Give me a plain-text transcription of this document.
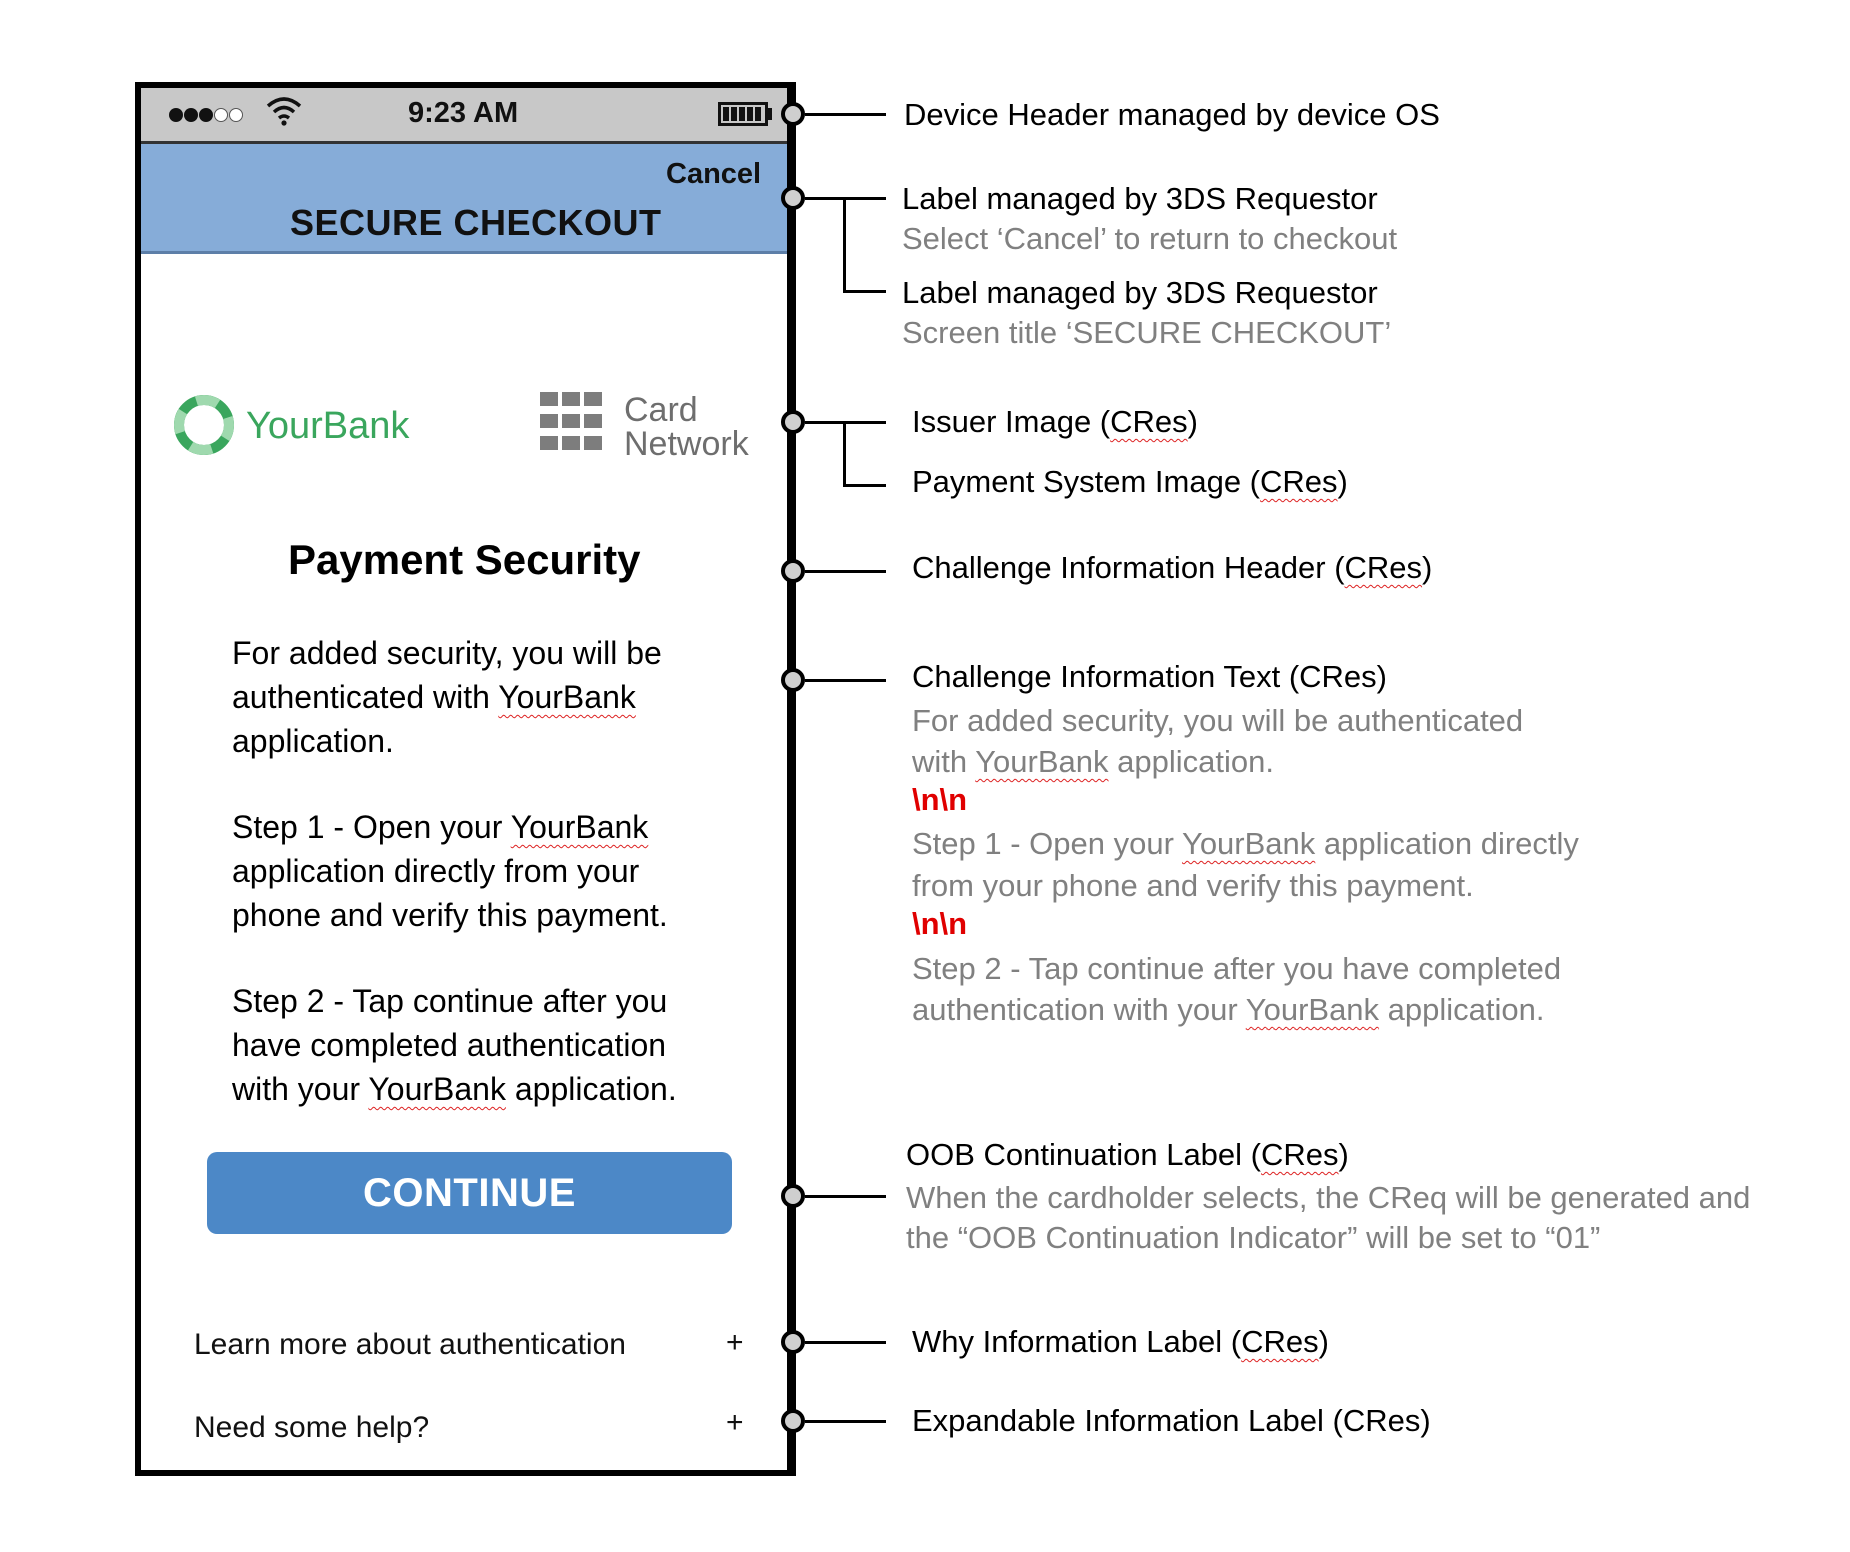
9:23 AM
Cancel
SECURE CHECKOUT
YourBank	Card
Network
Payment Security
For added security, you will be
authenticated with YourBank
application.
Step 1 - Open your YourBank
application directly from your
phone and verify this payment.
Step 2 - Tap continue after you
have completed authentication
with your YourBank application.
CONTINUE
Learn more about authentication	+
Need some help?	+
Device Header managed by device OS
Label managed by 3DS Requestor
Select ‘Cancel’ to return to checkout
Label managed by 3DS Requestor
Screen title ‘SECURE CHECKOUT’
Issuer Image (CRes)
Payment System Image (CRes)
Challenge Information Header (CRes)
Challenge Information Text (CRes)
For added security, you will be authenticated
with YourBank application.
\n\n
Step 1 - Open your YourBank application directly
from your phone and verify this payment.
\n\n
Step 2 - Tap continue after you have completed
authentication with your YourBank application.
OOB Continuation Label (CRes)
When the cardholder selects, the CReq will be generated and
the “OOB Continuation Indicator” will be set to “01”
Why Information Label (CRes)
Expandable Information Label (CRes)
